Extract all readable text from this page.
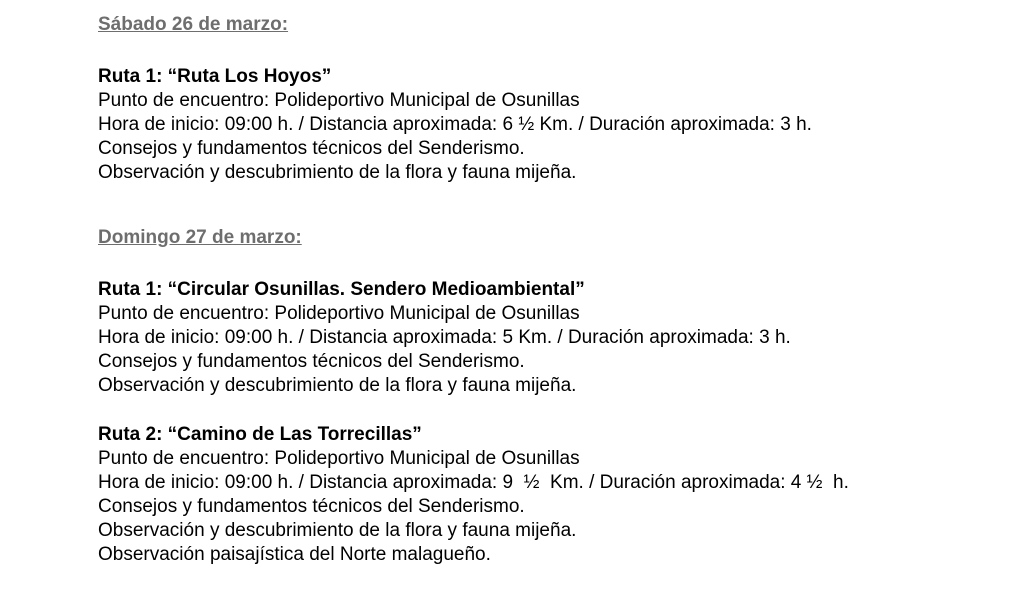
Sábado 26 de marzo:

Ruta 1: “Ruta Los Hoyos”

Punto de encuentro: Polideportivo Municipal de Osunillas

Hora de inicio: 09:00 h. / Distancia aproximada: 6 ½ Km. / Duración aproximada: 3 h.

Consejos y fundamentos técnicos del Senderismo.

Observación y descubrimiento de la flora y fauna mijeña.

Domingo 27 de marzo:

Ruta 1: “Circular Osunillas. Sendero Medioambiental”

Punto de encuentro: Polideportivo Municipal de Osunillas

Hora de inicio: 09:00 h. / Distancia aproximada: 5 Km. / Duración aproximada: 3 h.

Consejos y fundamentos técnicos del Senderismo.

Observación y descubrimiento de la flora y fauna mijeña.

Ruta 2: “Camino de Las Torrecillas”

Punto de encuentro: Polideportivo Municipal de Osunillas

Hora de inicio: 09:00 h. / Distancia aproximada: 9  ½  Km. / Duración aproximada: 4 ½  h.

Consejos y fundamentos técnicos del Senderismo.

Observación y descubrimiento de la flora y fauna mijeña.

Observación paisajística del Norte malagueño.
